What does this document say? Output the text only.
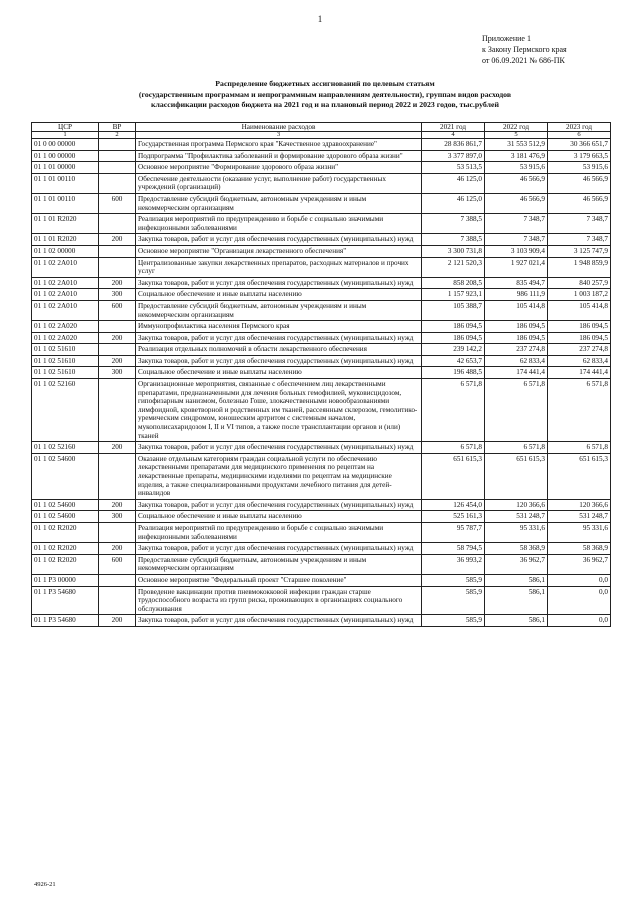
1
Приложение 1
к Закону Пермского края
от 06.09.2021 № 686-ПК
Распределение бюджетных ассигнований по целевым статьям
(государственным программам и непрограммным направлениям деятельности), группам видов расходов
классификации расходов бюджета на 2021 год и на плановый период 2022 и 2023 годов, тыс.рублей
ЦСР	ВР	Наименование расходов	2021 год	2022 год	2023 год
1	2	3	4	5	6
01 0 00 00000		Государственная программа Пермского края "Качественное здравоохранение"	28 836 861,7	31 553 512,9	30 366 651,7
01 1 00 00000		Подпрограмма "Профилактика заболеваний и формирование здорового образа жизни"	3 377 897,0	3 181 476,9	3 179 663,5
01 1 01 00000		Основное мероприятие "Формирование здорового образа жизни"	53 513,5	53 915,6	53 915,6
01 1 01 00110		Обеспечение деятельности (оказание услуг, выполнение работ) государственных учреждений (организаций)	46 125,0	46 566,9	46 566,9
01 1 01 00110	600	Предоставление субсидий бюджетным, автономным учреждениям и иным некоммерческим организациям	46 125,0	46 566,9	46 566,9
01 1 01 R2020		Реализация мероприятий по предупреждению и борьбе с социально значимыми инфекционными заболеваниями	7 388,5	7 348,7	7 348,7
01 1 01 R2020	200	Закупка товаров, работ и услуг для обеспечения государственных (муниципальных) нужд	7 388,5	7 348,7	7 348,7
01 1 02 00000		Основное мероприятие "Организация лекарственного обеспечения"	3 300 731,8	3 103 909,4	3 125 747,9
01 1 02 2А010		Централизованные закупки лекарственных препаратов, расходных материалов и прочих услуг	2 121 520,3	1 927 021,4	1 948 859,9
01 1 02 2А010	200	Закупка товаров, работ и услуг для обеспечения государственных (муниципальных) нужд	858 208,5	835 494,7	840 257,9
01 1 02 2А010	300	Социальное обеспечение и иные выплаты населению	1 157 923,1	986 111,9	1 003 187,2
01 1 02 2А010	600	Предоставление субсидий бюджетным, автономным учреждениям и иным некоммерческим организациям	105 388,7	105 414,8	105 414,8
01 1 02 2А020		Иммунопрофилактика населения Пермского края	186 094,5	186 094,5	186 094,5
01 1 02 2А020	200	Закупка товаров, работ и услуг для обеспечения государственных (муниципальных) нужд	186 094,5	186 094,5	186 094,5
01 1 02 51610		Реализация отдельных полномочий в области лекарственного обеспечения	239 142,2	237 274,8	237 274,8
01 1 02 51610	200	Закупка товаров, работ и услуг для обеспечения государственных (муниципальных) нужд	42 653,7	62 833,4	62 833,4
01 1 02 51610	300	Социальное обеспечение и иные выплаты населению	196 488,5	174 441,4	174 441,4
01 1 02 52160		Организационные мероприятия, связанные с обеспечением лиц лекарственными препаратами, предназначенными для лечения больных гемофилией, муковисцидозом, гипофизарным нанизмом, болезнью Гоше, злокачественными новообразованиями лимфоидной, кроветворной и родственных им тканей, рассеянным склерозом, гемолитико-уремическим синдромом, юношеским артритом с системным началом, мукополисахаридозом I, II и VI типов, а также после трансплантации органов и (или) тканей	6 571,8	6 571,8	6 571,8
01 1 02 52160	200	Закупка товаров, работ и услуг для обеспечения государственных (муниципальных) нужд	6 571,8	6 571,8	6 571,8
01 1 02 54600		Оказание отдельным категориям граждан социальной услуги по обеспечению лекарственными препаратами для медицинского применения по рецептам на лекарственные препараты, медицинскими изделиями по рецептам на медицинские изделия, а также специализированными продуктами лечебного питания для детей-инвалидов	651 615,3	651 615,3	651 615,3
01 1 02 54600	200	Закупка товаров, работ и услуг для обеспечения государственных (муниципальных) нужд	126 454,0	120 366,6	120 366,6
01 1 02 54600	300	Социальное обеспечение и иные выплаты населению	525 161,3	531 248,7	531 248,7
01 1 02 R2020		Реализация мероприятий по предупреждению и борьбе с социально значимыми инфекционными заболеваниями	95 787,7	95 331,6	95 331,6
01 1 02 R2020	200	Закупка товаров, работ и услуг для обеспечения государственных (муниципальных) нужд	58 794,5	58 368,9	58 368,9
01 1 02 R2020	600	Предоставление субсидий бюджетным, автономным учреждениям и иным некоммерческим организациям	36 993,2	36 962,7	36 962,7
01 1 P3 00000		Основное мероприятие "Федеральный проект "Старшее поколение"	585,9	586,1	0,0
01 1 P3 54680		Проведение вакцинации против пневмококковой инфекции граждан старше трудоспособного возраста из групп риска, проживающих в организациях социального обслуживания	585,9	586,1	0,0
01 1 P3 54680	200	Закупка товаров, работ и услуг для обеспечения государственных (муниципальных) нужд	585,9	586,1	0,0
4926-21
